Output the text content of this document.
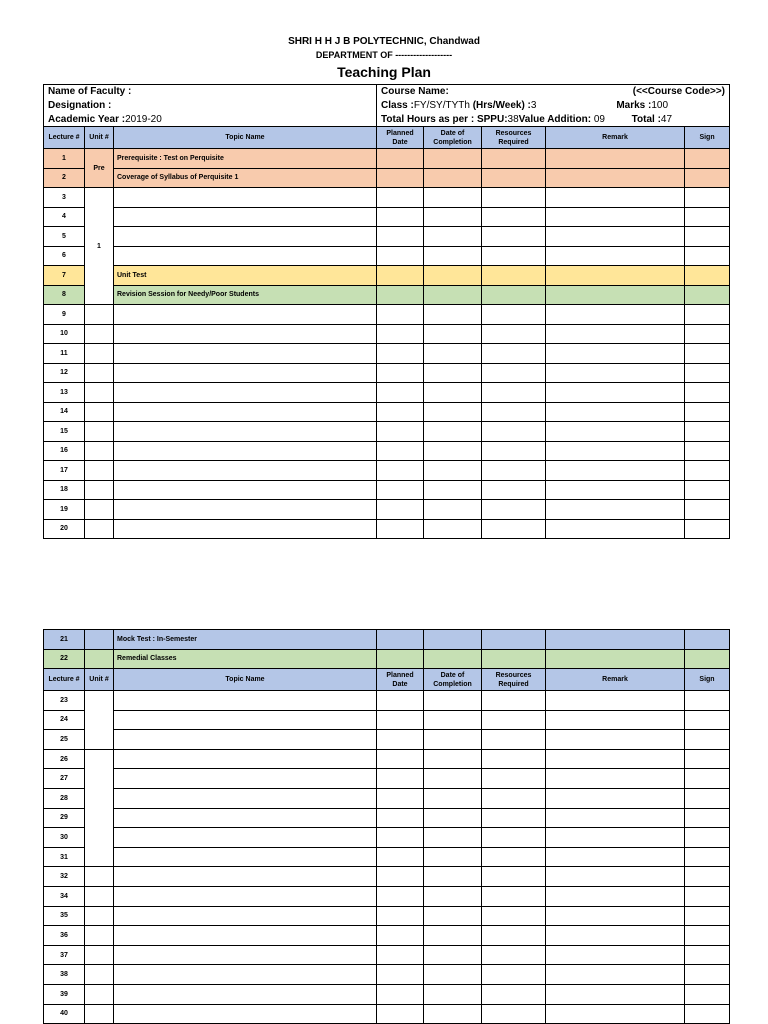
SHRI H H J B POLYTECHNIC, Chandwad
DEPARTMENT OF -------------------
Teaching Plan
Name of Faculty :			Course Name: (<<Course Code>>)				

Designation :			Class :FY/SY/TYTh (Hrs/Week) :3 Marks :100				

Academic Year :2019-20			Total Hours as per : SPPU:38Value Addition: 09 Total :47				

Lecture #	Unit #	Topic Name	Planned Date	Date of Completion	Resources Required	Remark	Sign
1	Pre	Prerequisite : Test on Perquisite					
2		Coverage of Syllabus of Perquisite 1					
3	1						
4							
5							
6							
7		Unit Test					
8		Revision Session for Needy/Poor Students					
9							
10							
11							
12							
13							
14							
15							
16							
17							
18							
19							
20							
21		Mock Test : In-Semester					
22		Remedial Classes					
Lecture #	Unit #	Topic Name	Planned Date	Date of Completion	Resources Required	Remark	Sign
23							
24							
25							
26							
27							
28							
29							
30							
31							
32							
34							
35							
36							
37							
38							
39							
40							
